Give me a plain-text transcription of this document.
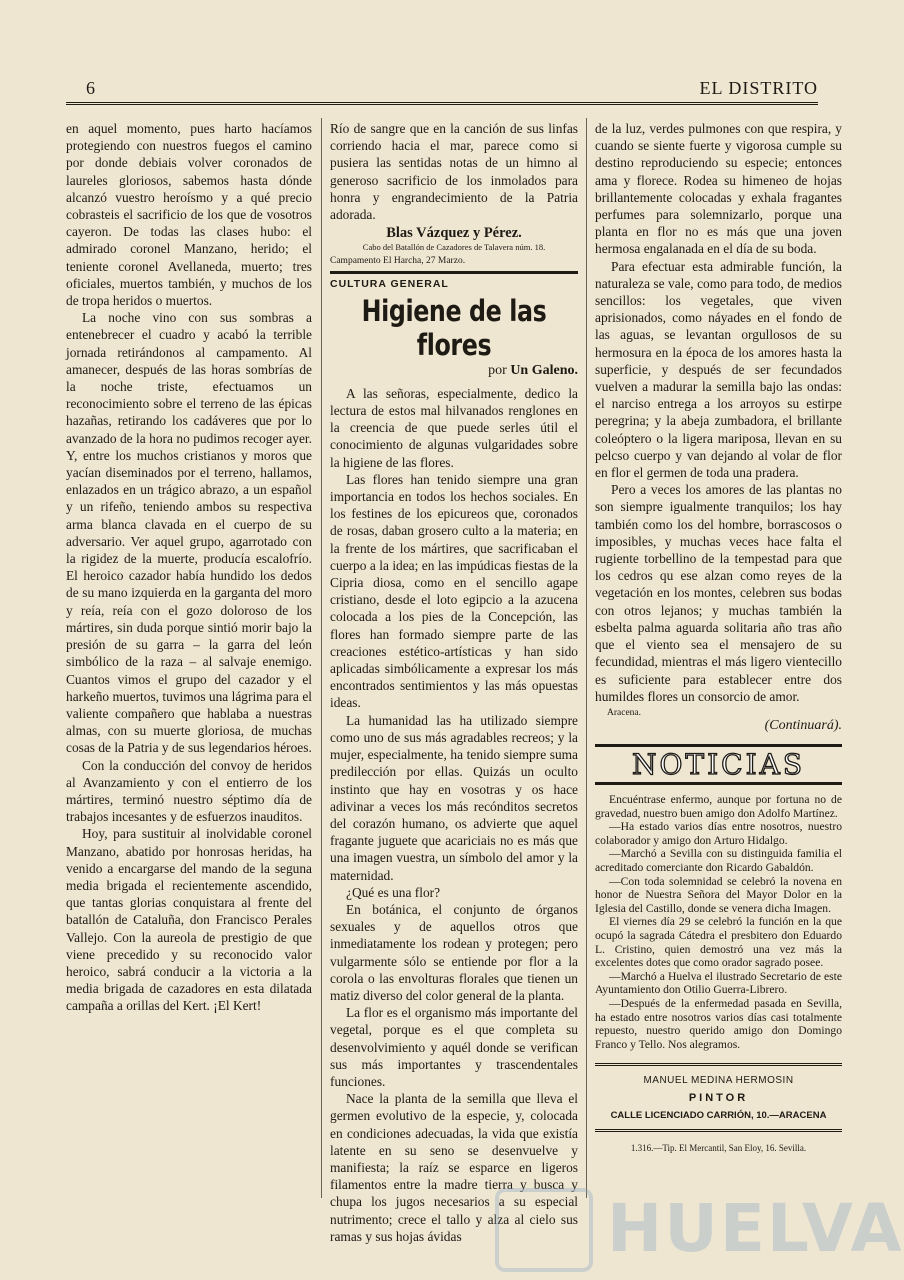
6	EL DISTRITO

en aquel momento, pues harto hacíamos protegiendo con nuestros fuegos el camino por donde debiais volver coronados de laureles gloriosos, sabemos hasta dónde alcanzó vuestro heroísmo y a qué precio cobrasteis el sacrificio de los que de vosotros cayeron. De todas las clases hubo: el admirado coronel Manzano, herido; el teniente coronel Avellaneda, muerto; tres oficiales, muertos también, y muchos de los de tropa heridos o muertos.

La noche vino con sus sombras a entenebrecer el cuadro y acabó la terrible jornada retirándonos al campamento. Al amanecer, después de las horas sombrías de la noche triste, efectuamos un reconocimiento sobre el terreno de las épicas hazañas, retirando los cadáveres que por lo avanzado de la hora no pudimos recoger ayer. Y, entre los muchos cristianos y moros que yacían diseminados por el terreno, hallamos, enlazados en un trágico abrazo, a un español y un rifeño, teniendo ambos su respectiva arma blanca clavada en el cuerpo de su adversario. Ver aquel grupo, agarrotado con la rigidez de la muerte, producía escalofrío. El heroico cazador había hundido los dedos de su mano izquierda en la garganta del moro y reía, reía con el gozo doloroso de los mártires, sin duda porque sintió morir bajo la presión de su garra – la garra del león simbólico de la raza – al salvaje enemigo. Cuantos vimos el grupo del cazador y el harkeño muertos, tuvimos una lágrima para el valiente compañero que hablaba a nuestras almas, con su muerte gloriosa, de muchas cosas de la Patria y de sus legendarios héroes.

Con la conducción del convoy de heridos al Avanzamiento y con el entierro de los mártires, terminó nuestro séptimo día de trabajos incesantes y de esfuerzos inauditos.

Hoy, para sustituir al inolvidable coronel Manzano, abatido por honrosas heridas, ha venido a encargarse del mando de la seguna media brigada el recientemente ascendido, que tantas glorias conquistara al frente del batallón de Cataluña, don Francisco Perales Vallejo. Con la aureola de prestigio de que viene precedido y su reconocido valor heroico, sabrá conducir a la victoria a la media brigada de cazadores en esta dilatada campaña a orillas del Kert. ¡El Kert!

Río de sangre que en la canción de sus linfas corriendo hacia el mar, parece como si pusiera las sentidas notas de un himno al generoso sacrificio de los inmolados para honra y engrandecimiento de la Patria adorada.

Blas Vázquez y Pérez.
Cabo del Batallón de Cazadores de Talavera núm. 18.
Campamento El Harcha, 27 Marzo.
CULTURA GENERAL
Higiene de las flores
por Un Galeno.

A las señoras, especialmente, dedico la lectura de estos mal hilvanados renglones en la creencia de que puede serles útil el conocimiento de algunas vulgaridades sobre la higiene de las flores.

Las flores han tenido siempre una gran importancia en todos los hechos sociales. En los festines de los epicureos que, coronados de rosas, daban grosero culto a la materia; en la frente de los mártires, que sacrificaban el cuerpo a la idea; en las impúdicas fiestas de la Cipria diosa, como en el sencillo agape cristiano, desde el loto egipcio a la azucena colocada a los pies de la Concepción, las flores han formado siempre parte de las creaciones estético-artísticas y han sido aplicadas simbólicamente a expresar los más encontrados sentimientos y las más opuestas ideas.

La humanidad las ha utilizado siempre como uno de sus más agradables recreos; y la mujer, especialmente, ha tenido siempre suma predilección por ellas. Quizás un oculto instinto que hay en vosotras y os hace adivinar a veces los más recónditos secretos del corazón humano, os advierte que aquel fragante juguete que acariciais no es más que una imagen vuestra, un símbolo del amor y la maternidad.

¿Qué es una flor?

En botánica, el conjunto de órganos sexuales y de aquellos otros que inmediatamente los rodean y protegen; pero vulgarmente sólo se entiende por flor a la corola o las envolturas florales que tienen un matiz diverso del color general de la planta.

La flor es el organismo más importante del vegetal, porque es el que completa su desenvolvimiento y aquél donde se verifican sus más importantes y trascendentales funciones.

Nace la planta de la semilla que lleva el germen evolutivo de la especie, y, colocada en condiciones adecuadas, la vida que existía latente en su seno se desenvuelve y manifiesta; la raíz se esparce en ligeros filamentos entre la madre tierra y busca y chupa los jugos necesarios a su especial nutrimento; crece el tallo y alza al cielo sus ramas y sus hojas ávidas

de la luz, verdes pulmones con que respira, y cuando se siente fuerte y vigorosa cumple su destino reproduciendo su especie; entonces ama y florece. Rodea su himeneo de hojas brillantemente colocadas y exhala fragantes perfumes para solemnizarlo, porque una planta en flor no es más que una joven hermosa engalanada en el día de su boda.

Para efectuar esta admirable función, la naturaleza se vale, como para todo, de medios sencillos: los vegetales, que viven aprisionados, como náyades en el fondo de las aguas, se levantan orgullosos de su hermosura en la época de los amores hasta la superficie, y después de ser fecundados vuelven a madurar la semilla bajo las ondas: el narciso entrega a los arroyos su estirpe peregrina; y la abeja zumbadora, el brillante coleóptero o la ligera mariposa, llevan en su pelcso cuerpo y van dejando al volar de flor en flor el germen de toda una pradera.

Pero a veces los amores de las plantas no son siempre igualmente tranquilos; los hay también como los del hombre, borrascosos o imposibles, y muchas veces hace falta el rugiente torbellino de la tempestad para que los cedros qu ese alzan como reyes de la vegetación en los montes, celebren sus bodas con otros lejanos; y muchas también la esbelta palma aguarda solitaria año tras año que el viento sea el mensajero de su fecundidad, mientras el más ligero vientecillo es suficiente para establecer entre dos humildes flores un consorcio de amor.

Aracena.
(Continuará).
NOTICIAS

Encuéntrase enfermo, aunque por fortuna no de gravedad, nuestro buen amigo don Adolfo Martínez.

—Ha estado varios días entre nosotros, nuestro colaborador y amigo don Arturo Hidalgo.

—Marchó a Sevilla con su distinguida familia el acreditado comerciante don Ricardo Gabaldón.

—Con toda solemnidad se celebró la novena en honor de Nuestra Señora del Mayor Dolor en la Iglesia del Castillo, donde se venera dicha Imagen.

El viernes día 29 se celebró la función en la que ocupó la sagrada Cátedra el presbitero don Eduardo L. Cristino, quien demostró una vez más la excelentes dotes que como orador sagrado posee.

—Marchó a Huelva el ilustrado Secretario de este Ayuntamiento don Otilio Guerra-Librero.

—Después de la enfermedad pasada en Sevilla, ha estado entre nosotros varios días casi totalmente repuesto, nuestro querido amigo don Domingo Franco y Tello. Nos alegramos.

MANUEL MEDINA HERMOSIN
PINTOR
CALLE LICENCIADO CARRIÓN, 10.—ARACENA
1.316.—Tip. El Mercantil, San Eloy, 16. Sevilla.
HUELVA
